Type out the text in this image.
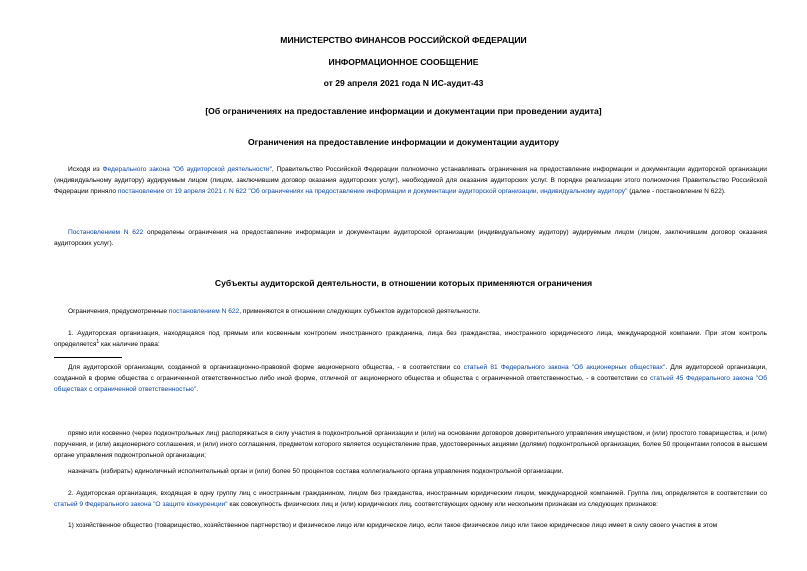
МИНИСТЕРСТВО ФИНАНСОВ РОССИЙСКОЙ ФЕДЕРАЦИИ
ИНФОРМАЦИОННОЕ СООБЩЕНИЕ
от 29 апреля 2021 года N ИС-аудит-43
[Об ограничениях на предоставление информации и документации при проведении аудита]
Ограничения на предоставление информации и документации аудитору
Исходя из Федерального закона "Об аудиторской деятельности", Правительство Российской Федерации полномочно устанавливать ограничения на предоставление информации и документации аудиторской организации (индивидуальному аудитору) аудируемым лицом (лицом, заключившим договор оказания аудиторских услуг), необходимой для оказания аудиторских услуг. В порядке реализации этого полномочия Правительство Российской Федерации приняло постановление от 19 апреля 2021 г. N 622 "Об ограничениях на предоставление информации и документации аудиторской организации, индивидуальному аудитору" (далее - постановление N 622).
Постановлением N 622 определены ограничения на предоставление информации и документации аудиторской организации (индивидуальному аудитору) аудируемым лицом (лицом, заключившим договор оказания аудиторских услуг).
Субъекты аудиторской деятельности, в отношении которых применяются ограничения
Ограничения, предусмотренные постановлением N 622, применяются в отношении следующих субъектов аудиторской деятельности.
1. Аудиторская организация, находящаяся под прямым или косвенным контролем иностранного гражданина, лица без гражданства, иностранного юридического лица, международной компании. При этом контроль определяется$^1$ как наличие права:
Для аудиторской организации, созданной в организационно-правовой форме акционерного общества, - в соответствии со статьей 81 Федерального закона "Об акционерных обществах". Для аудиторской организации, созданной в форме общества с ограниченной ответственностью либо иной форме, отличной от акционерного общества и общества с ограниченной ответственностью, - в соответствии со статьей 45 Федерального закона "Об обществах с ограниченной ответственностью".
прямо или косвенно (через подконтрольных лиц) распоряжаться в силу участия в подконтрольной организации и (или) на основании договоров доверительного управления имуществом, и (или) простого товарищества, и (или) поручения, и (или) акционерного соглашения, и (или) иного соглашения, предметом которого является осуществление прав, удостоверенных акциями (долями) подконтрольной организации, более 50 процентами голосов в высшем органе управления подконтрольной организации;
назначать (избирать) единоличный исполнительный орган и (или) более 50 процентов состава коллегиального органа управления подконтрольной организации.
2. Аудиторская организация, входящая в одну группу лиц с иностранным гражданином, лицом без гражданства, иностранным юридическим лицом, международной компанией. Группа лиц определяется в соответствии со статьей 9 Федерального закона "О защите конкуренции" как совокупность физических лиц и (или) юридических лиц, соответствующих одному или нескольким признакам из следующих признаков:
1) хозяйственное общество (товарищество, хозяйственное партнерство) и физическое лицо или юридическое лицо, если такое физическое лицо или такое юридическое лицо имеет в силу своего участия в этом
